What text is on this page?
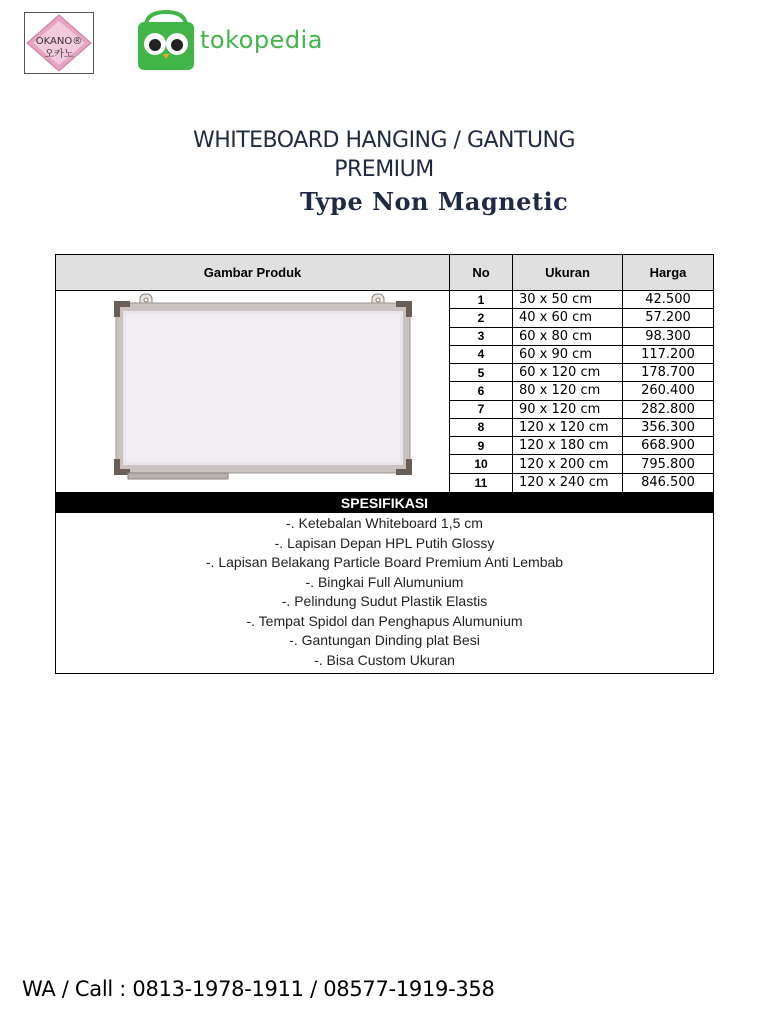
OKANO®
오카노
tokopedia
WHITEBOARD HANGING / GANTUNG
PREMIUM
Type Non Magnetic
Gambar Produk	No	Ukuran	Harga
1	30 x 50 cm	42.500
2	40 x 60 cm	57.200
3	60 x 80 cm	98.300
4	60 x 90 cm	117.200
5	60 x 120 cm	178.700
6	80 x 120 cm	260.400
7	90 x 120 cm	282.800
8	120 x 120 cm	356.300
9	120 x 180 cm	668.900
10	120 x 200 cm	795.800
11	120 x 240 cm	846.500
SPESIFIKASI
-. Ketebalan Whiteboard 1,5 cm
-. Lapisan Depan HPL Putih Glossy
-. Lapisan Belakang Particle Board Premium Anti Lembab
-. Bingkai Full Alumunium
-. Pelindung Sudut Plastik Elastis
-. Tempat Spidol dan Penghapus Alumunium
-. Gantungan Dinding plat Besi
-. Bisa Custom Ukuran
WA / Call : 0813-1978-1911 / 08577-1919-358
